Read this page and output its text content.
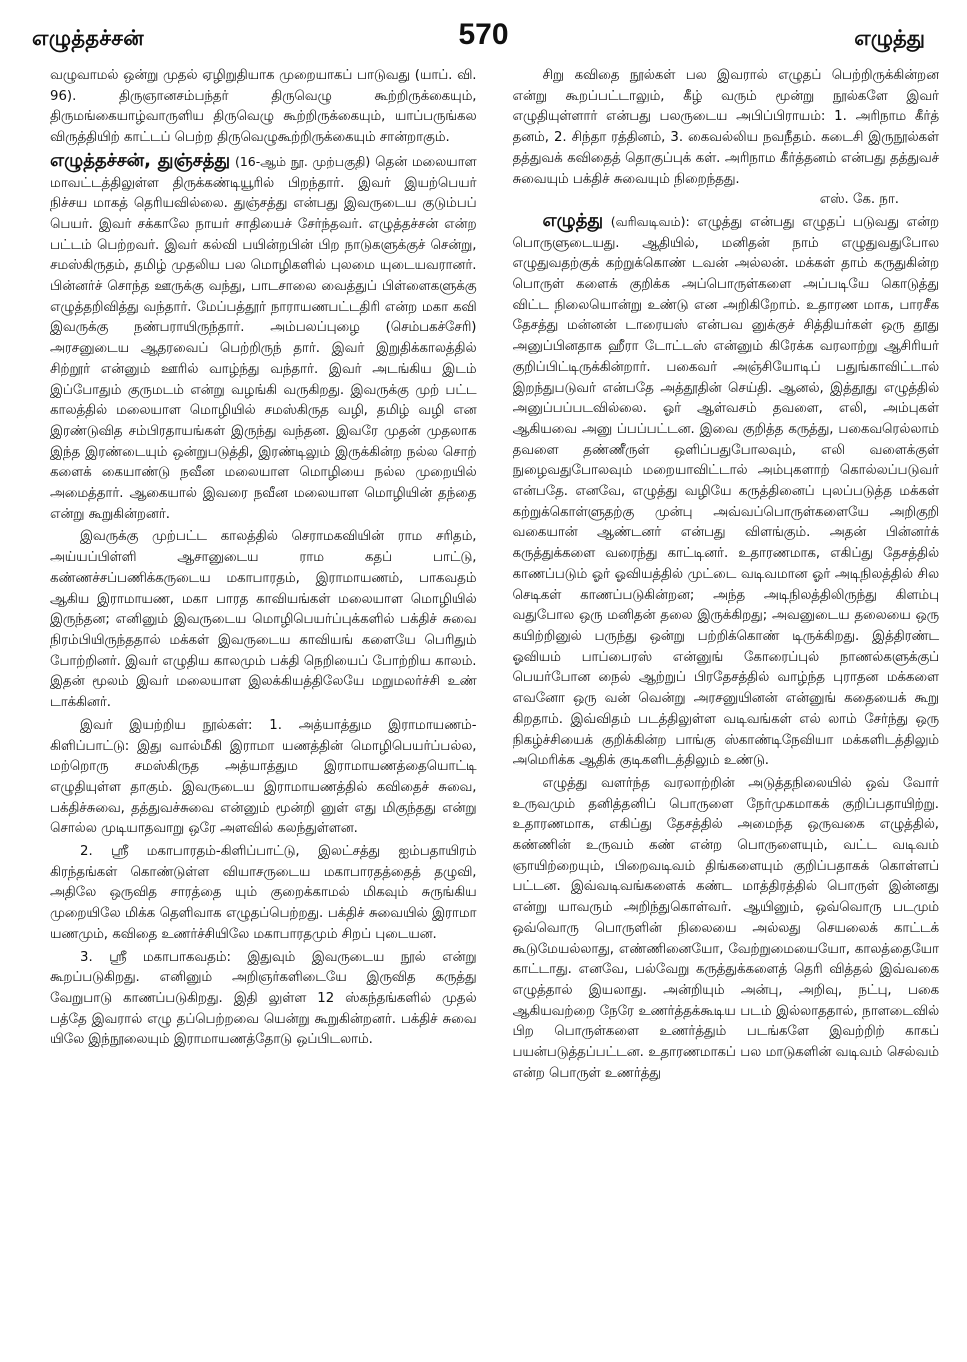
எழுத்தச்சன்	570	எழுத்து

வழுவாமல் ஒன்று முதல் ஏழிறுதியாக முறையாகப் பாடுவது (யாப். வி. 96). திருஞானசம்பந்தர் திருவெழு கூற்றிருக்கையும், திருமங்கையாழ்வாருளிய திருவெழு கூற்றிருக்கையும், யாப்பருங்கல விருத்தியிற் காட்டப் பெற்ற திருவெழுகூற்றிருக்கையும் சான்றாகும்.

எழுத்தச்சன், துஞ்சத்து (16-ஆம் நூ. முற்பகுதி) தென் மலையாள மாவட்டத்திலுள்ள திருக்கண்டியூரில் பிறந்தார். இவர் இயற்பெயர் நிச்சய மாகத் தெரியவில்லை. துஞ்சத்து என்பது இவருடைய குடும்பப் பெயர். இவர் சக்காலே நாயர் சாதியைச் சேர்ந்தவர். எழுத்தச்சன் என்ற பட்டம் பெற்றவர். இவர் கல்வி பயின்றபின் பிற நாடுகளுக்குச் சென்று, சமஸ்கிருதம், தமிழ் முதலிய பல மொழிகளில் புலமை யுடையவரானர். பின்னர்ச் சொந்த ஊருக்கு வந்து, பாடசாலை வைத்துப் பிள்ளைகளுக்கு எழுத்தறிவித்து வந்தார். மேப்பத்தூர் நாராயணபட்டதிரி என்ற மகா கவி இவருக்கு நண்பராயிருந்தார். அம்பலப்புழை (செம்பகச்சேரி) அரசனுடைய ஆதரவைப் பெற்றிருந் தார். இவர் இறுதிக்காலத்தில் சிற்றூர் என்னும் ஊரில் வாழ்ந்து வந்தார். இவர் அடங்கிய இடம் இப்போதும் குருமடம் என்று வழங்கி வருகிறது. இவருக்கு முற் பட்ட காலத்தில் மலையாள மொழியில் சமஸ்கிருத வழி, தமிழ் வழி என இரண்டுவித சம்பிரதாயங்கள் இருந்து வந்தன. இவரே முதன் முதலாக இந்த இரண்டையும் ஒன்றுபடுத்தி, இரண்டிலும் இருக்கின்ற நல்ல சொற் களைக் கையாண்டு நவீன மலையாள மொழியை நல்ல முறையில் அமைத்தார். ஆகையால் இவரை நவீன மலையாள மொழியின் தந்தை என்று கூறுகின்றனர்.

இவருக்கு முற்பட்ட காலத்தில் செராமகவியின் ராம சரிதம், அய்யப்பிள்ளி ஆசானுடைய ராம கதப் பாட்டு, கண்ணச்சப்பணிக்கருடைய மகாபாரதம், இராமாயணம், பாகவதம் ஆகிய இராமாயண, மகா பாரத காவியங்கள் மலையாள மொழியில் இருந்தன; எனினும் இவருடைய மொழிபெயர்ப்புக்களில் பக்திச் சுவை நிரம்பியிருந்ததால் மக்கள் இவருடைய காவியங் களையே பெரிதும் போற்றினர். இவர் எழுதிய காலமும் பக்தி நெறியைப் போற்றிய காலம். இதன் மூலம் இவர் மலையாள இலக்கியத்திலேயே மறுமலர்ச்சி உண் டாக்கினர்.

இவர் இயற்றிய நூல்கள்: 1. அத்யாத்தும இராமாயணம்-கிளிப்பாட்டு: இது வால்மீகி இராமா யணத்தின் மொழிபெயர்ப்பல்ல, மற்றொரு சமஸ்கிருத அத்யாத்தும இராமாயணத்தையொட்டி எழுதியுள்ள தாகும். இவருடைய இராமாயணத்தில் கவிதைச் சுவை, பக்திச்சுவை, தத்துவச்சுவை என்னும் மூன்றி னுள் எது மிகுந்தது என்று சொல்ல முடியாதவாறு ஒரே அளவில் கலந்துள்ளன.

2. ஸ்ரீ மகாபாரதம்-கிளிப்பாட்டு, இலட்சத்து ஐம்பதாயிரம் கிரந்தங்கள் கொண்டுள்ள வியாசருடைய மகாபாரதத்தைத் தழுவி, அதிலே ஒருவித சாரத்தை யும் குறைக்காமல் மிகவும் சுருங்கிய முறையிலே மிக்க தெளிவாக எழுதப்பெற்றது. பக்திச் சுவையில் இராமா யணமும், கவிதை உணர்ச்சியிலே மகாபாரதமும் சிறப் புடையன.

3. ஸ்ரீ மகாபாகவதம்: இதுவும் இவருடைய நூல் என்று கூறப்படுகிறது. எனினும் அறிஞர்களிடையே இருவித கருத்து வேறுபாடு காணப்படுகிறது. இதி லுள்ள 12 ஸ்கந்தங்களில் முதல் பத்தே இவரால் எழு தப்பெற்றவை யென்று கூறுகின்றனர். பக்திச் சுவை யிலே இந்நூலையும் இராமாயணத்தோடு ஒப்பிடலாம்.

சிறு கவிதை நூல்கள் பல இவரால் எழுதப் பெற்றிருக்கின்றன என்று கூறப்பட்டாலும், கீழ் வரும் மூன்று நூல்களே இவர் எழுதியுள்ளார் என்பது பலருடைய அபிப்பிராயம்: 1. அரிநாம கீர்த் தனம், 2. சிந்தா ரத்தினம், 3. கைவல்லிய நவநீதம். கடைசி இருநூல்கள் தத்துவக் கவிதைத் தொகுப்புக் கள். அரிநாம கீர்த்தனம் என்பது தத்துவச் சுவையும் பக்திச் சுவையும் நிறைந்தது.

எஸ். கே. நா.

எழுத்து (வரிவடிவம்): எழுத்து என்பது எழுதப் படுவது என்ற பொருளுடையது. ஆதியில், மனிதன் நாம் எழுதுவதுபோல எழுதுவதற்குக் கற்றுக்கொண் டவன் அல்லன். மக்கள் தாம் கருதுகின்ற பொருள் களைக் குறிக்க அப்பொருள்களை அப்படியே கொடுத்து விட்ட நிலையொன்று உண்டு என அறிகிறோம். உதாரண மாக, பாரசீக தேசத்து மன்னன் டாரையஸ் என்பவ னுக்குச் சித்தியர்கள் ஒரு தூது அனுப்பினதாக ஹீரா டோட்டஸ் என்னும் கிரேக்க வரலாற்று ஆசிரியர் குறிப்பிட்டிருக்கின்றார். பகைவர் அஞ்சியோடிப் பதுங்காவிட்டால் இறந்துபடுவர் என்பதே அத்தூதின் செய்தி. ஆனல், இத்தூது எழுத்தில் அனுப்பப்படவில்லை. ஓர் ஆள்வசம் தவளை, எலி, அம்புகள் ஆகியவை அனு ப்பப்பட்டன. இவை குறித்த கருத்து, பகைவரெல்லாம் தவளை தண்ணீருள் ஒளிப்பதுபோலவும், எலி வளைக்குள் நுழைவதுபோலவும் மறையாவிட்டால் அம்புகளாற் கொல்லப்படுவர் என்பதே. எனவே, எழுத்து வழியே கருத்தினைப் புலப்படுத்த மக்கள் கற்றுக்கொள்ளுதற்கு முன்பு அவ்வப்பொருள்களையே அறிகுறி வகையான் ஆண்டனர் என்பது விளங்கும். அதன் பின்னர்க் கருத்துக்களை வரைந்து காட்டினர். உதாரணமாக, எகிப்து தேசத்தில் காணப்படும் ஓர் ஓவியத்தில் முட்டை வடிவமான ஓர் அடிநிலத்தில் சில செடிகள் காணப்படுகின்றன; அந்த அடிநிலத்திலிருந்து கிளம்பு வதுபோல ஒரு மனிதன் தலை இருக்கிறது; அவனுடைய தலையை ஒரு கயிற்றினுல் பருந்து ஒன்று பற்றிக்கொண் டிருக்கிறது. இத்திரண்ட ஓவியம் பாப்பைரஸ் என்னுங் கோரைப்புல் நாணல்களுக்குப் பெயர்போன நைல் ஆற்றுப் பிரதேசத்தில் வாழ்ந்த புராதன மக்களை எவனோ ஒரு வன் வென்று அரசனுயினன் என்னுங் கதையைக் கூறு கிறதாம். இவ்விதம் படத்திலுள்ள வடிவங்கள் எல் லாம் சேர்ந்து ஒரு நிகழ்ச்சியைக் குறிக்கின்ற பாங்கு ஸ்காண்டிநேவியா மக்களிடத்திலும் அமெரிக்க ஆதிக் குடிகளிடத்திலும் உண்டு.

எழுத்து வளர்ந்த வரலாற்றின் அடுத்தநிலையில் ஒவ் வோர் உருவமும் தனித்தனிப் பொருளை நேர்முகமாகக் குறிப்பதாயிற்று. உதாரணமாக, எகிப்து தேசத்தில் அமைந்த ஒருவகை எழுத்தில், கண்ணின் உருவம் கண் என்ற பொருளையும், வட்ட வடிவம் ஞாயிற்றையும், பிறைவடிவம் திங்களையும் குறிப்பதாகக் கொள்ளப் பட்டன. இவ்வடிவங்களைக் கண்ட மாத்திரத்தில் பொருள் இன்னது என்று யாவரும் அறிந்துகொள்வர். ஆயினும், ஒவ்வொரு படமும் ஒவ்வொரு பொருளின் நிலையை அல்லது செயலைக் காட்டக் கூடுமேயல்லாது, எண்ணினையோ, வேற்றுமையையோ, காலத்தையோ காட்டாது. எனவே, பல்வேறு கருத்துக்களைத் தெரி வித்தல் இவ்வகை எழுத்தால் இயலாது. அன்றியும் அன்பு, அறிவு, நட்பு, பகை ஆகியவற்றை நேரே உணர்த்தக்கூடிய படம் இல்லாததால், நாளடைவில் பிற பொருள்களை உணர்த்தும் படங்களே இவற்றிற் காகப் பயன்படுத்தப்பட்டன. உதாரணமாகப் பல மாடுகளின் வடிவம் செல்வம் என்ற பொருள் உணர்த்து
